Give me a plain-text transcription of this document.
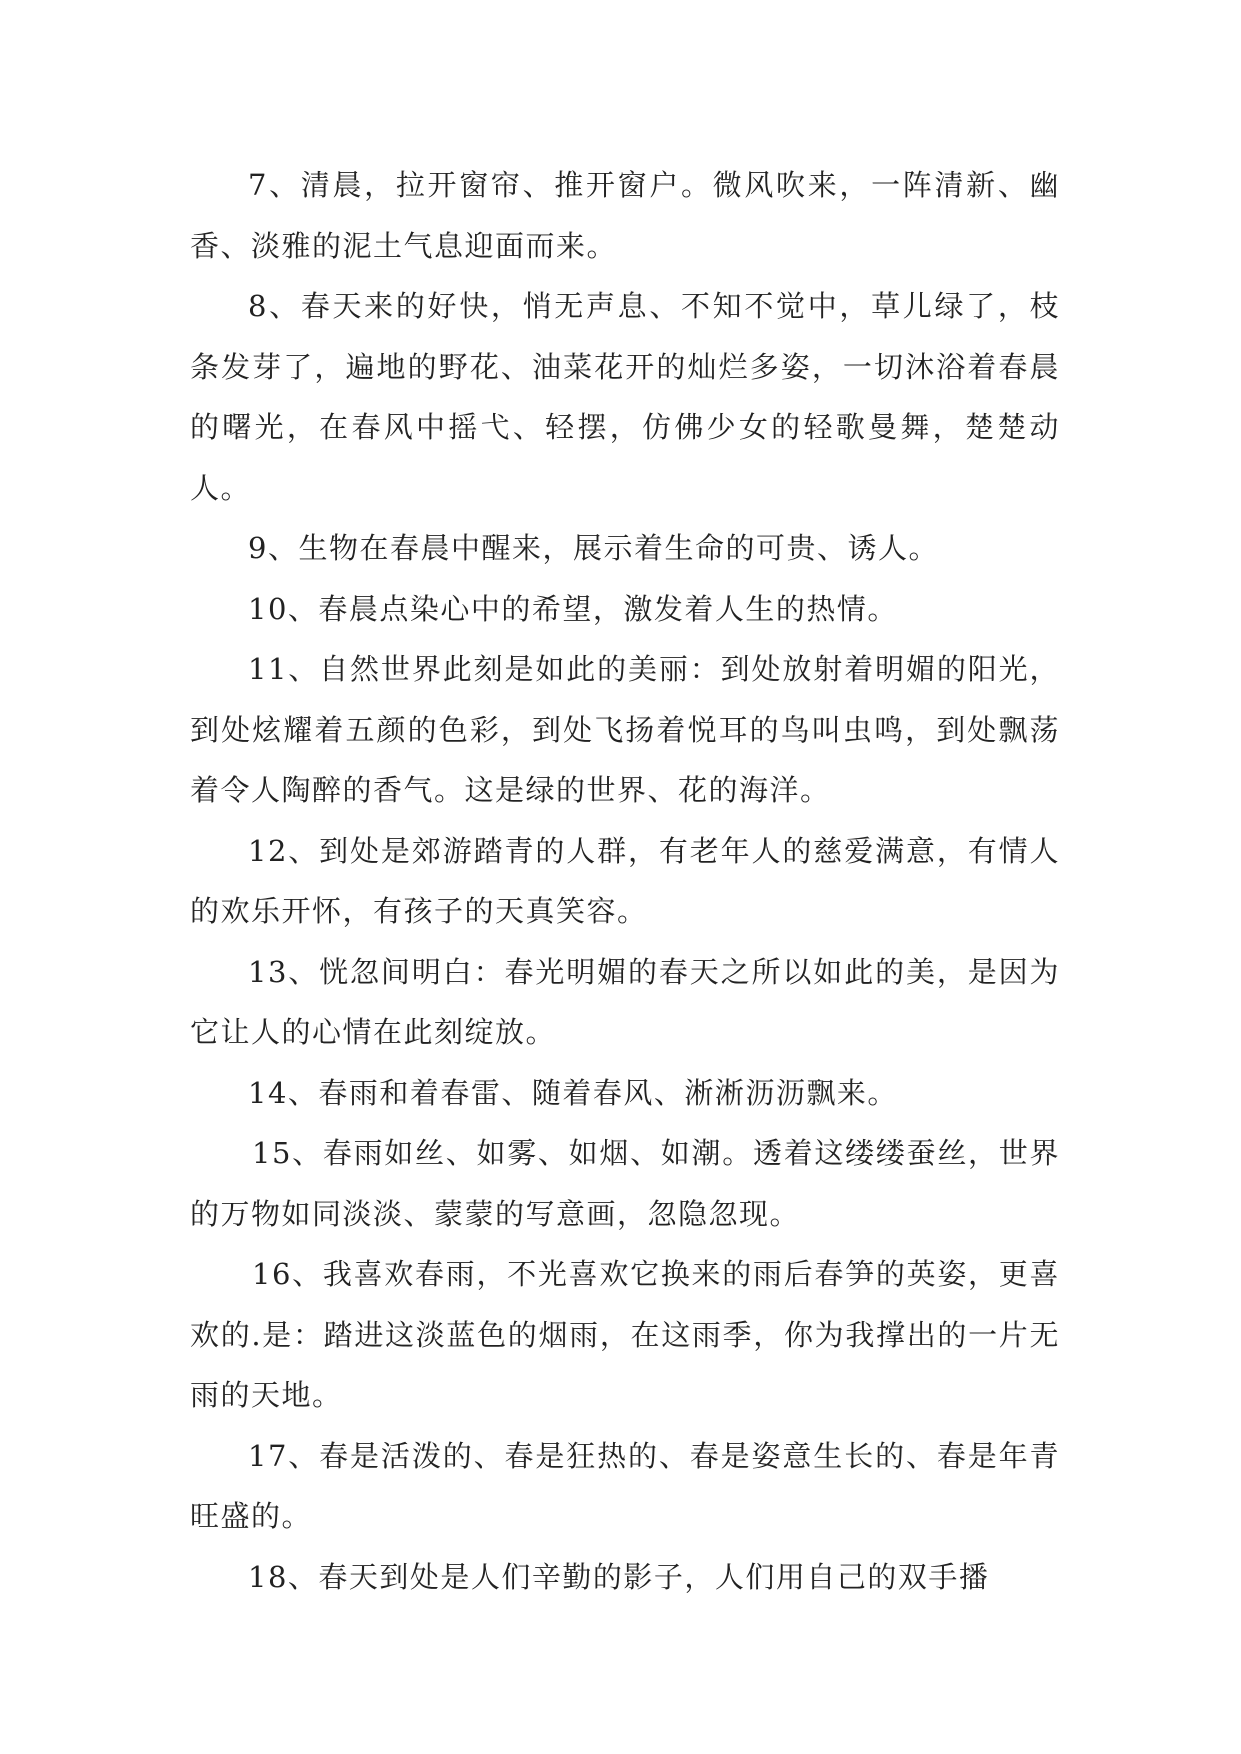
7、清晨，拉开窗帘、推开窗户。微风吹来，一阵清新、幽香、淡雅的泥土气息迎面而来。

8、春天来的好快，悄无声息、不知不觉中，草儿绿了，枝条发芽了，遍地的野花、油菜花开的灿烂多姿，一切沐浴着春晨的曙光，在春风中摇弋、轻摆，仿佛少女的轻歌曼舞，楚楚动人。

9、生物在春晨中醒来，展示着生命的可贵、诱人。

10、春晨点染心中的希望，激发着人生的热情。

11、自然世界此刻是如此的美丽：到处放射着明媚的阳光，到处炫耀着五颜的色彩，到处飞扬着悦耳的鸟叫虫鸣，到处飘荡着令人陶醉的香气。这是绿的世界、花的海洋。

12、到处是郊游踏青的人群，有老年人的慈爱满意，有情人的欢乐开怀，有孩子的天真笑容。

13、恍忽间明白：春光明媚的春天之所以如此的美，是因为它让人的心情在此刻绽放。

14、春雨和着春雷、随着春风、淅淅沥沥飘来。

15、春雨如丝、如雾、如烟、如潮。透着这缕缕蚕丝，世界的万物如同淡淡、蒙蒙的写意画，忽隐忽现。

16、我喜欢春雨，不光喜欢它换来的雨后春笋的英姿，更喜欢的.是：踏进这淡蓝色的烟雨，在这雨季，你为我撑出的一片无雨的天地。

17、春是活泼的、春是狂热的、春是姿意生长的、春是年青旺盛的。

18、春天到处是人们辛勤的影子，人们用自己的双手播
